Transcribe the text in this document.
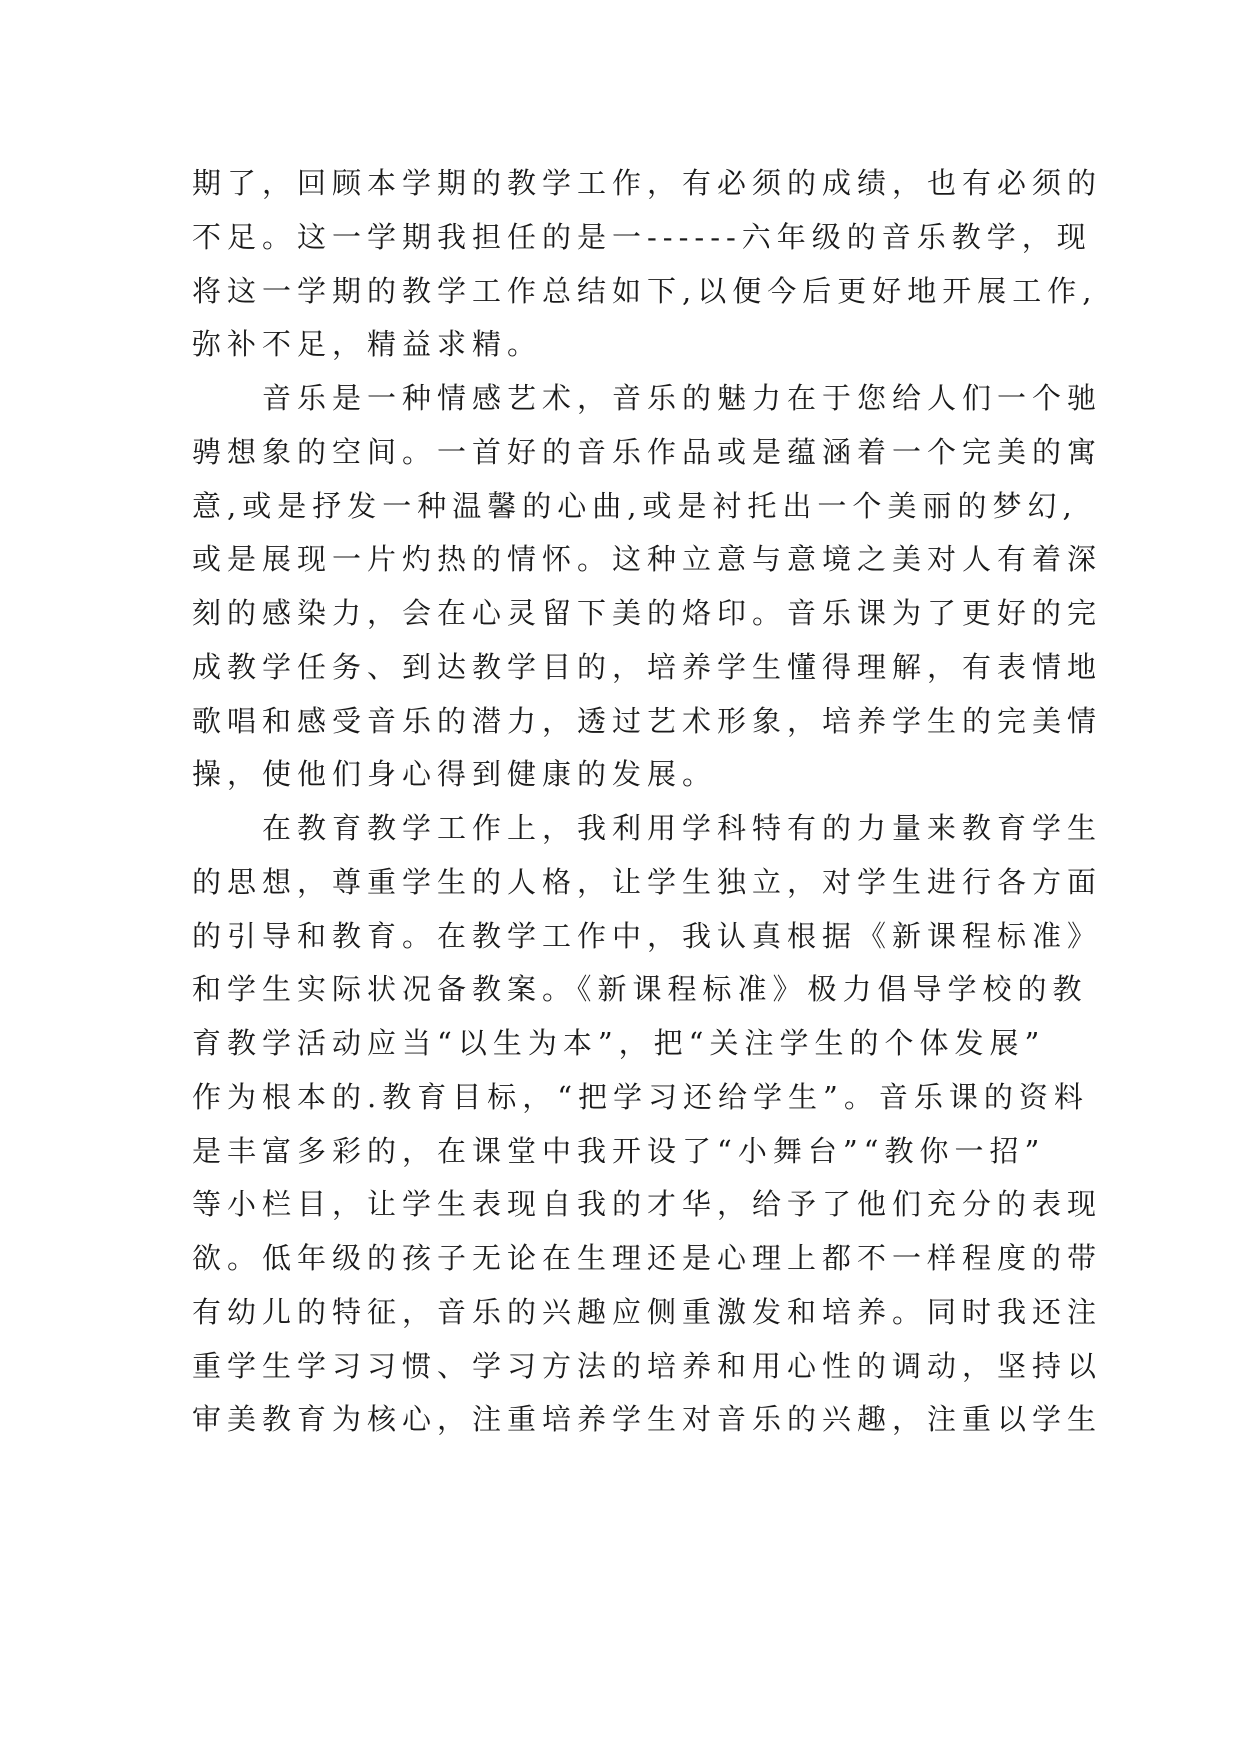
期了，回顾本学期的教学工作，有必须的成绩，也有必须的
不足。这一学期我担任的是一------六年级的音乐教学，现
将这一学期的教学工作总结如下,以便今后更好地开展工作,
弥补不足，精益求精。
　　音乐是一种情感艺术，音乐的魅力在于您给人们一个驰
骋想象的空间。一首好的音乐作品或是蕴涵着一个完美的寓
意,或是抒发一种温馨的心曲,或是衬托出一个美丽的梦幻,
或是展现一片灼热的情怀。这种立意与意境之美对人有着深
刻的感染力，会在心灵留下美的烙印。音乐课为了更好的完
成教学任务、到达教学目的，培养学生懂得理解，有表情地
歌唱和感受音乐的潜力，透过艺术形象，培养学生的完美情
操，使他们身心得到健康的发展。
　　在教育教学工作上，我利用学科特有的力量来教育学生
的思想，尊重学生的人格，让学生独立，对学生进行各方面
的引导和教育。在教学工作中，我认真根据《新课程标准》
和学生实际状况备教案。《新课程标准》极力倡导学校的教
育教学活动应当“以生为本”，把“关注学生的个体发展”
作为根本的.教育目标，“把学习还给学生”。音乐课的资料
是丰富多彩的，在课堂中我开设了“小舞台”“教你一招”
等小栏目，让学生表现自我的才华，给予了他们充分的表现
欲。低年级的孩子无论在生理还是心理上都不一样程度的带
有幼儿的特征，音乐的兴趣应侧重激发和培养。同时我还注
重学生学习习惯、学习方法的培养和用心性的调动，坚持以
审美教育为核心，注重培养学生对音乐的兴趣，注重以学生
